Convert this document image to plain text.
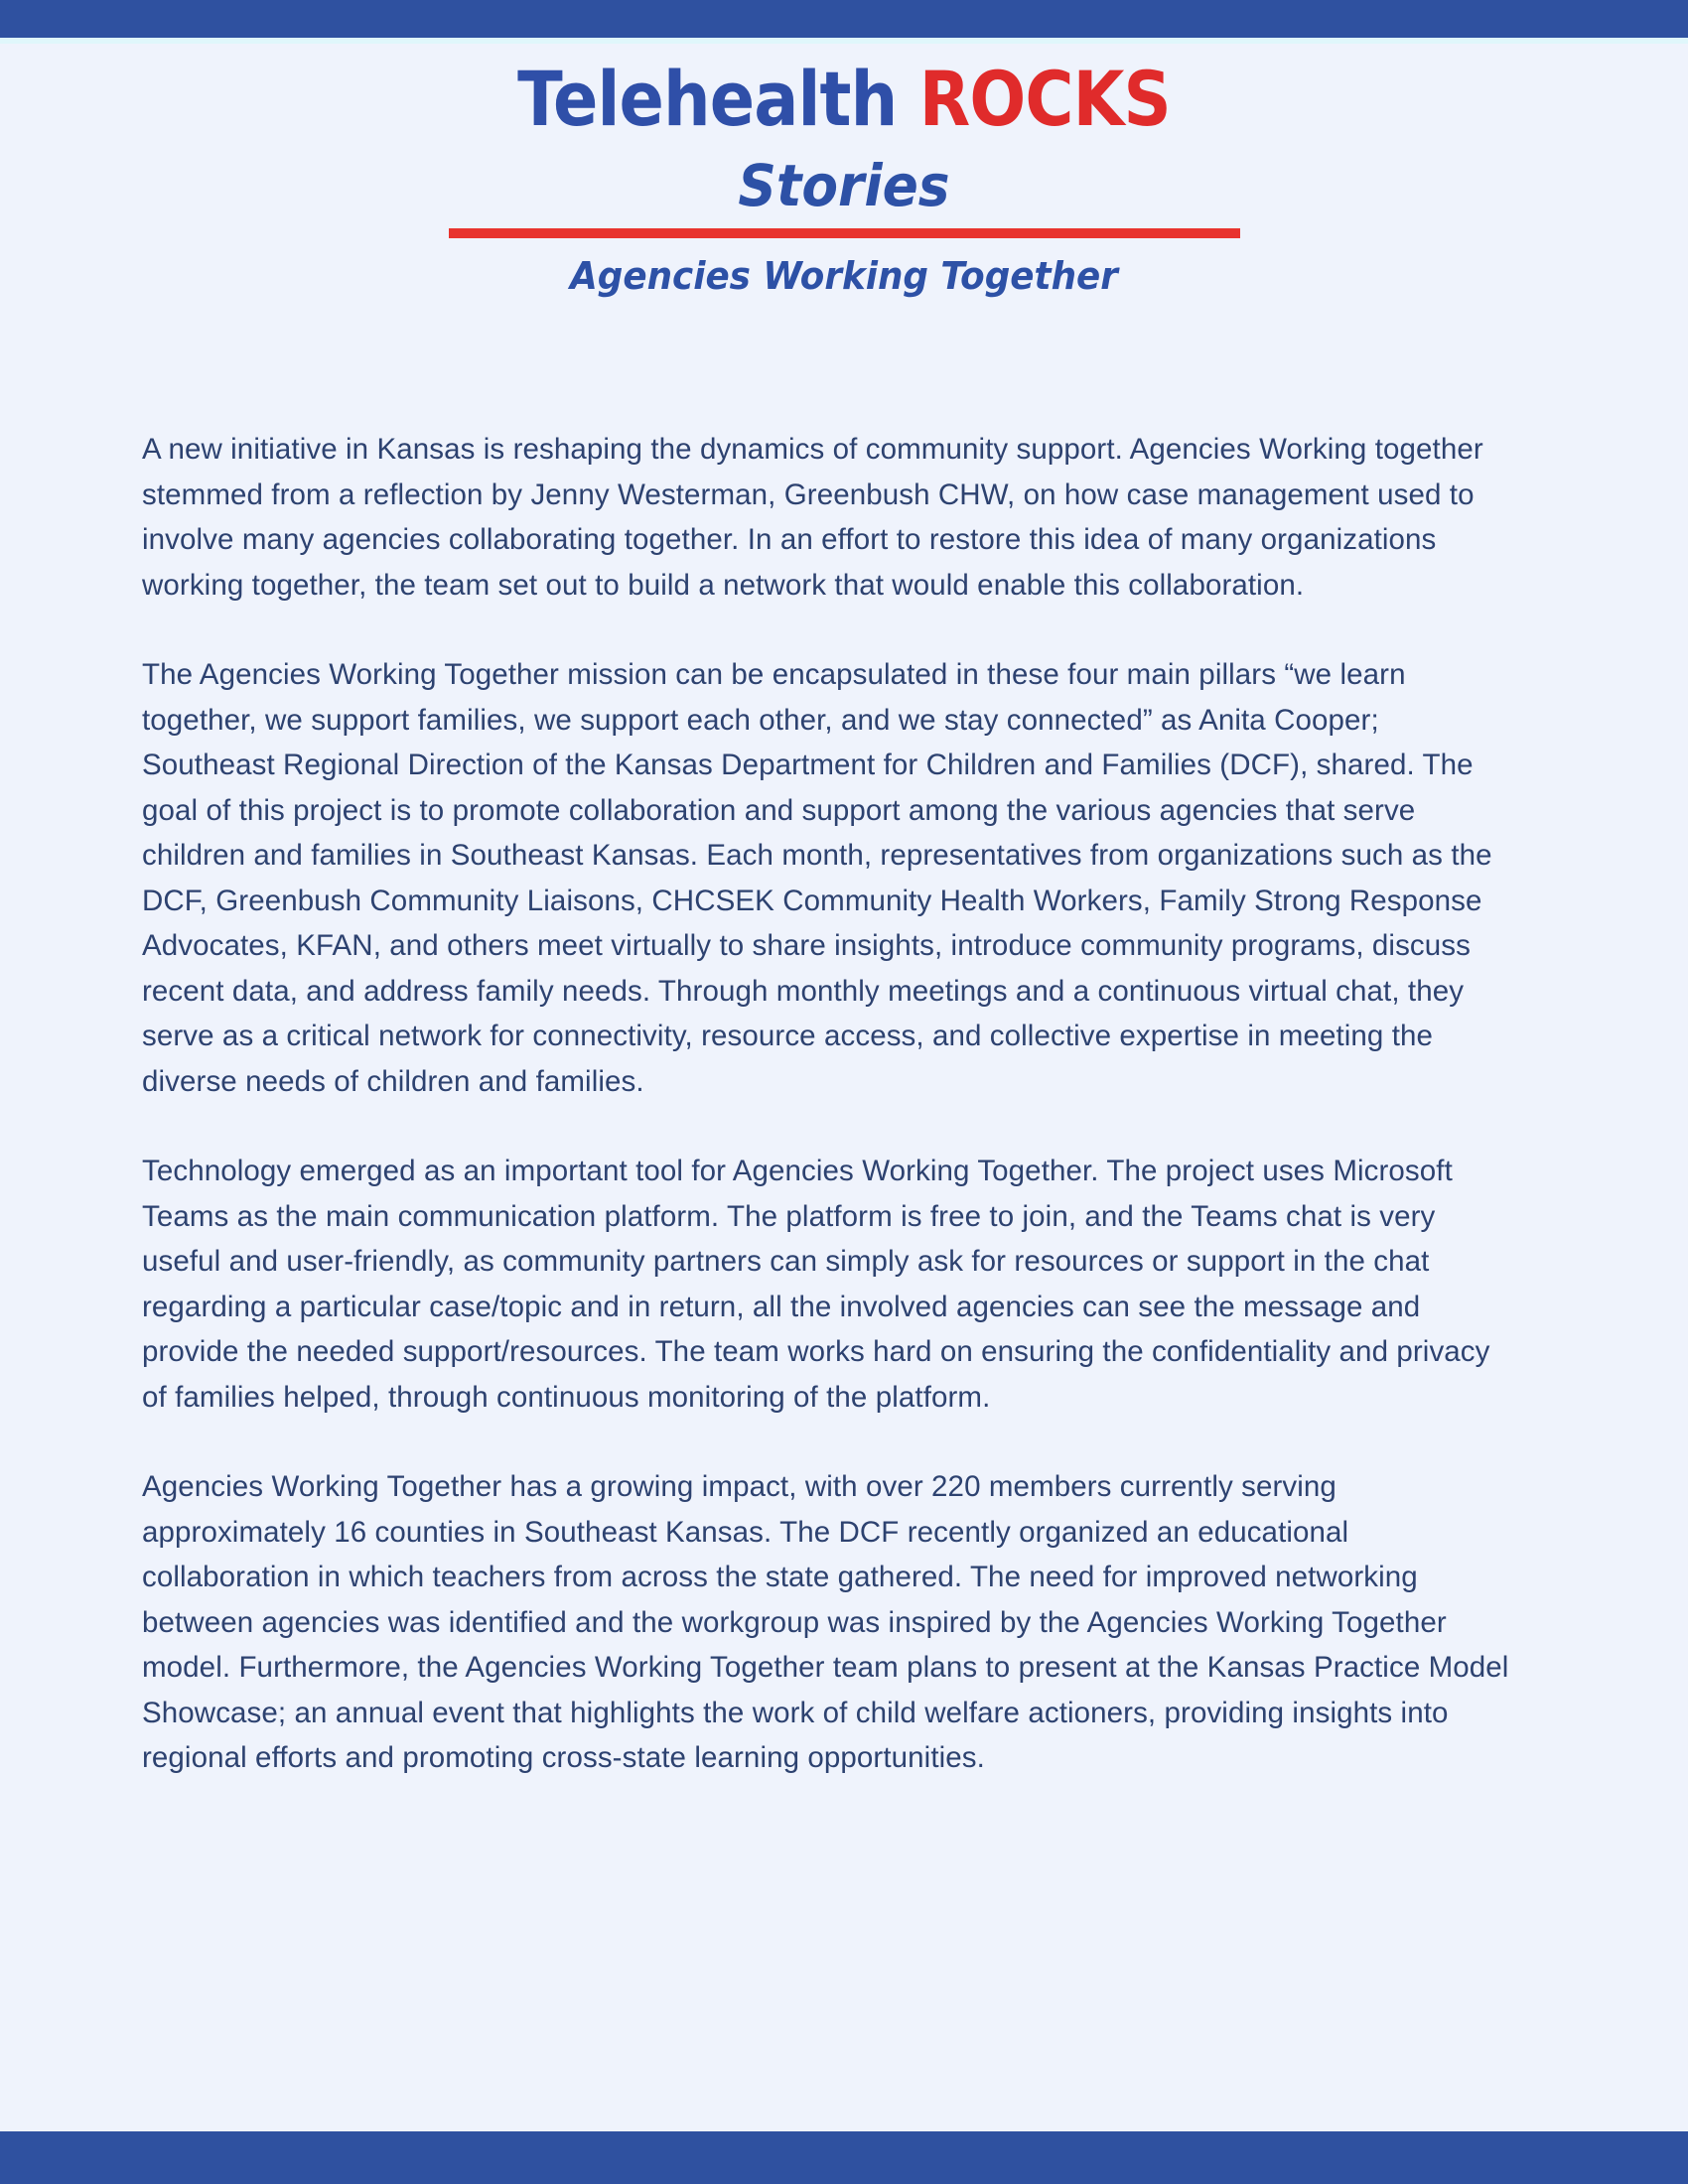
Telehealth ROCKS
Stories
Agencies Working Together

A new initiative in Kansas is reshaping the dynamics of community support. Agencies Working together stemmed from a reflection by Jenny Westerman, Greenbush CHW, on how case management used to involve many agencies collaborating together. In an effort to restore this idea of many organizations working together, the team set out to build a network that would enable this collaboration.

The Agencies Working Together mission can be encapsulated in these four main pillars “we learn together, we support families, we support each other, and we stay connected” as Anita Cooper; Southeast Regional Direction of the Kansas Department for Children and Families (DCF), shared. The goal of this project is to promote collaboration and support among the various agencies that serve children and families in Southeast Kansas. Each month, representatives from organizations such as the DCF, Greenbush Community Liaisons, CHCSEK Community Health Workers, Family Strong Response Advocates, KFAN, and others meet virtually to share insights, introduce community programs, discuss recent data, and address family needs. Through monthly meetings and a continuous virtual chat, they serve as a critical network for connectivity, resource access, and collective expertise in meeting the diverse needs of children and families.

Technology emerged as an important tool for Agencies Working Together. The project uses Microsoft Teams as the main communication platform. The platform is free to join, and the Teams chat is very useful and user-friendly, as community partners can simply ask for resources or support in the chat regarding a particular case/topic and in return, all the involved agencies can see the message and provide the needed support/resources. The team works hard on ensuring the confidentiality and privacy of families helped, through continuous monitoring of the platform.

Agencies Working Together has a growing impact, with over 220 members currently serving approximately 16 counties in Southeast Kansas. The DCF recently organized an educational collaboration in which teachers from across the state gathered. The need for improved networking between agencies was identified and the workgroup was inspired by the Agencies Working Together model. Furthermore, the Agencies Working Together team plans to present at the Kansas Practice Model Showcase; an annual event that highlights the work of child welfare actioners, providing insights into regional efforts and promoting cross-state learning opportunities.
